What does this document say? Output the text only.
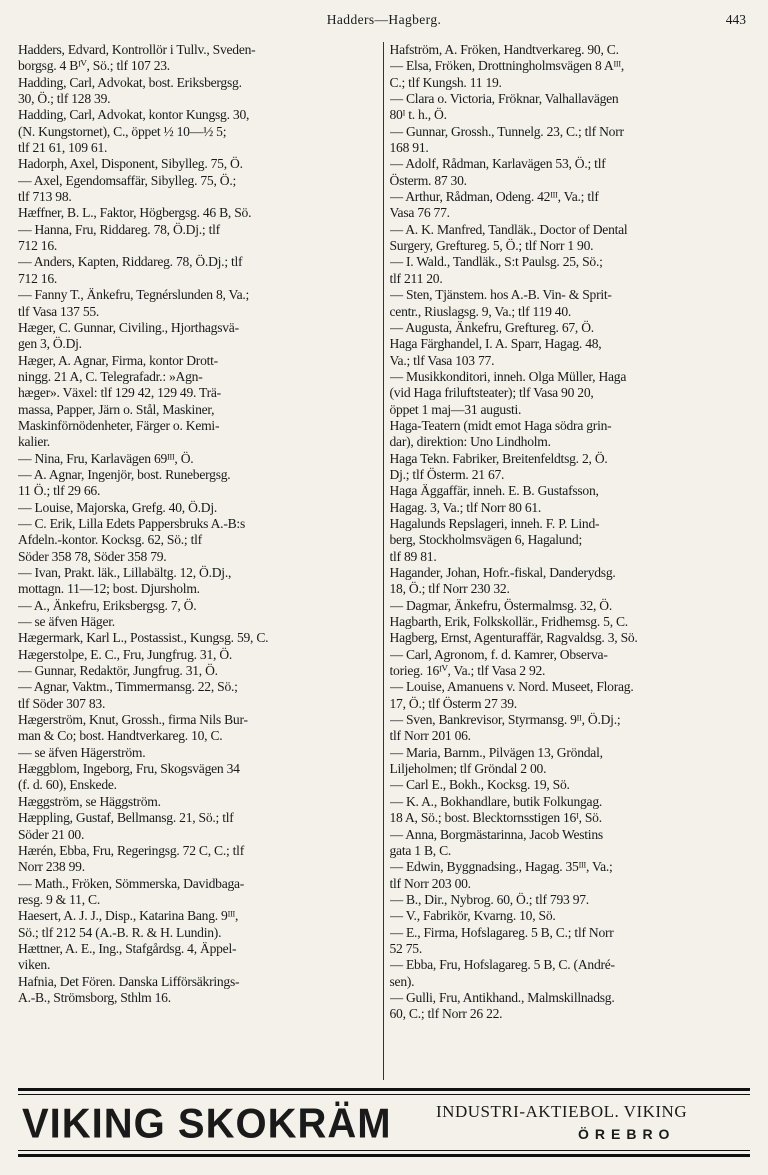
Hadders—Hagberg.	443
Hadders, Edvard, Kontrollör i Tullv., Sveden-
borgsg. 4 Bᴵⱽ, Sö.; tlf 107 23.
Hadding, Carl, Advokat, bost. Eriksbergsg.
30, Ö.; tlf 128 39.
Hadding, Carl, Advokat, kontor Kungsg. 30,
(N. Kungstornet), C., öppet ½ 10—½ 5;
tlf 21 61, 109 61.
Hadorph, Axel, Disponent, Sibylleg. 75, Ö.
— Axel, Egendomsaffär, Sibylleg. 75, Ö.;
tlf 713 98.
Hæffner, B. L., Faktor, Högbergsg. 46 B, Sö.
— Hanna, Fru, Riddareg. 78, Ö.Dj.; tlf
712 16.
— Anders, Kapten, Riddareg. 78, Ö.Dj.; tlf
712 16.
— Fanny T., Änkefru, Tegnérslunden 8, Va.;
tlf Vasa 137 55.
Hæger, C. Gunnar, Civiling., Hjorthagsvä-
gen 3, Ö.Dj.
Hæger, A. Agnar, Firma, kontor Drott-
ningg. 21 A, C. Telegrafadr.: »Agn-
hæger». Växel: tlf 129 42, 129 49. Trä-
massa, Papper, Järn o. Stål, Maskiner,
Maskinförnödenheter, Färger o. Kemi-
kalier.
— Nina, Fru, Karlavägen 69ᴵᴵᴵ, Ö.
— A. Agnar, Ingenjör, bost. Runebergsg.
11 Ö.; tlf 29 66.
— Louise, Majorska, Grefg. 40, Ö.Dj.
— C. Erik, Lilla Edets Pappersbruks A.-B:s
Afdeln.-kontor. Kocksg. 62, Sö.; tlf
Söder 358 78, Söder 358 79.
— Ivan, Prakt. läk., Lillabältg. 12, Ö.Dj.,
mottagn. 11—12; bost. Djursholm.
— A., Änkefru, Eriksbergsg. 7, Ö.
— se äfven Häger.
Hægermark, Karl L., Postassist., Kungsg. 59, C.
Hægerstolpe, E. C., Fru, Jungfrug. 31, Ö.
— Gunnar, Redaktör, Jungfrug. 31, Ö.
— Agnar, Vaktm., Timmermansg. 22, Sö.;
tlf Söder 307 83.
Hægerström, Knut, Grossh., firma Nils Bur-
man & Co; bost. Handtverkareg. 10, C.
— se äfven Hägerström.
Hæggblom, Ingeborg, Fru, Skogsvägen 34
(f. d. 60), Enskede.
Hæggström, se Häggström.
Hæppling, Gustaf, Bellmansg. 21, Sö.; tlf
Söder 21 00.
Hærén, Ebba, Fru, Regeringsg. 72 C, C.; tlf
Norr 238 99.
— Math., Fröken, Sömmerska, Davidbaga-
resg. 9 & 11, C.
Haesert, A. J. J., Disp., Katarina Bang. 9ᴵᴵᴵ,
Sö.; tlf 212 54 (A.-B. R. & H. Lundin).
Hættner, A. E., Ing., Stafgårdsg. 4, Äppel-
viken.
Hafnia, Det Fören. Danska Lifförsäkrings-
A.-B., Strömsborg, Sthlm 16.
Hafström, A. Fröken, Handtverkareg. 90, C.
— Elsa, Fröken, Drottningholmsvägen 8 Aᴵᴵᴵ,
C.; tlf Kungsh. 11 19.
— Clara o. Victoria, Fröknar, Valhallavägen
80ᴵ t. h., Ö.
— Gunnar, Grossh., Tunnelg. 23, C.; tlf Norr
168 91.
— Adolf, Rådman, Karlavägen 53, Ö.; tlf
Österm. 87 30.
— Arthur, Rådman, Odeng. 42ᴵᴵᴵ, Va.; tlf
Vasa 76 77.
— A. K. Manfred, Tandläk., Doctor of Dental
Surgery, Greftureg. 5, Ö.; tlf Norr 1 90.
— I. Wald., Tandläk., S:t Paulsg. 25, Sö.;
tlf 211 20.
— Sten, Tjänstem. hos A.-B. Vin- & Sprit-
centr., Riuslagsg. 9, Va.; tlf 119 40.
— Augusta, Änkefru, Greftureg. 67, Ö.
Haga Färghandel, I. A. Sparr, Hagag. 48,
Va.; tlf Vasa 103 77.
— Musikkonditori, inneh. Olga Müller, Haga
(vid Haga friluftsteater); tlf Vasa 90 20,
öppet 1 maj—31 augusti.
Haga-Teatern (midt emot Haga södra grin-
dar), direktion: Uno Lindholm.
Haga Tekn. Fabriker, Breitenfeldtsg. 2, Ö.
Dj.; tlf Österm. 21 67.
Haga Äggaffär, inneh. E. B. Gustafsson,
Hagag. 3, Va.; tlf Norr 80 61.
Hagalunds Repslageri, inneh. F. P. Lind-
berg, Stockholmsvägen 6, Hagalund;
tlf 89 81.
Hagander, Johan, Hofr.-fiskal, Danderydsg.
18, Ö.; tlf Norr 230 32.
— Dagmar, Änkefru, Östermalmsg. 32, Ö.
Hagbarth, Erik, Folkskollär., Fridhemsg. 5, C.
Hagberg, Ernst, Agenturaffär, Ragvaldsg. 3, Sö.
— Carl, Agronom, f. d. Kamrer, Observa-
torieg. 16ᴵⱽ, Va.; tlf Vasa 2 92.
— Louise, Amanuens v. Nord. Museet, Florag.
17, Ö.; tlf Österm 27 39.
— Sven, Bankrevisor, Styrmansg. 9ᴵᴵ, Ö.Dj.;
tlf Norr 201 06.
— Maria, Barnm., Pilvägen 13, Gröndal,
Liljeholmen; tlf Gröndal 2 00.
— Carl E., Bokh., Kocksg. 19, Sö.
— K. A., Bokhandlare, butik Folkungag.
18 A, Sö.; bost. Blecktornsstigen 16ᴵ, Sö.
— Anna, Borgmästarinna, Jacob Westins
gata 1 B, C.
— Edwin, Byggnadsing., Hagag. 35ᴵᴵᴵ, Va.;
tlf Norr 203 00.
— B., Dir., Nybrog. 60, Ö.; tlf 793 97.
— V., Fabrikör, Kvarng. 10, Sö.
— E., Firma, Hofslagareg. 5 B, C.; tlf Norr
52 75.
— Ebba, Fru, Hofslagareg. 5 B, C. (André-
sen).
— Gulli, Fru, Antikhand., Malmskillnadsg.
60, C.; tlf Norr 26 22.
VIKING SKOKRÄM	INDUSTRI-AKTIEBOL. VIKING
ÖREBRO
